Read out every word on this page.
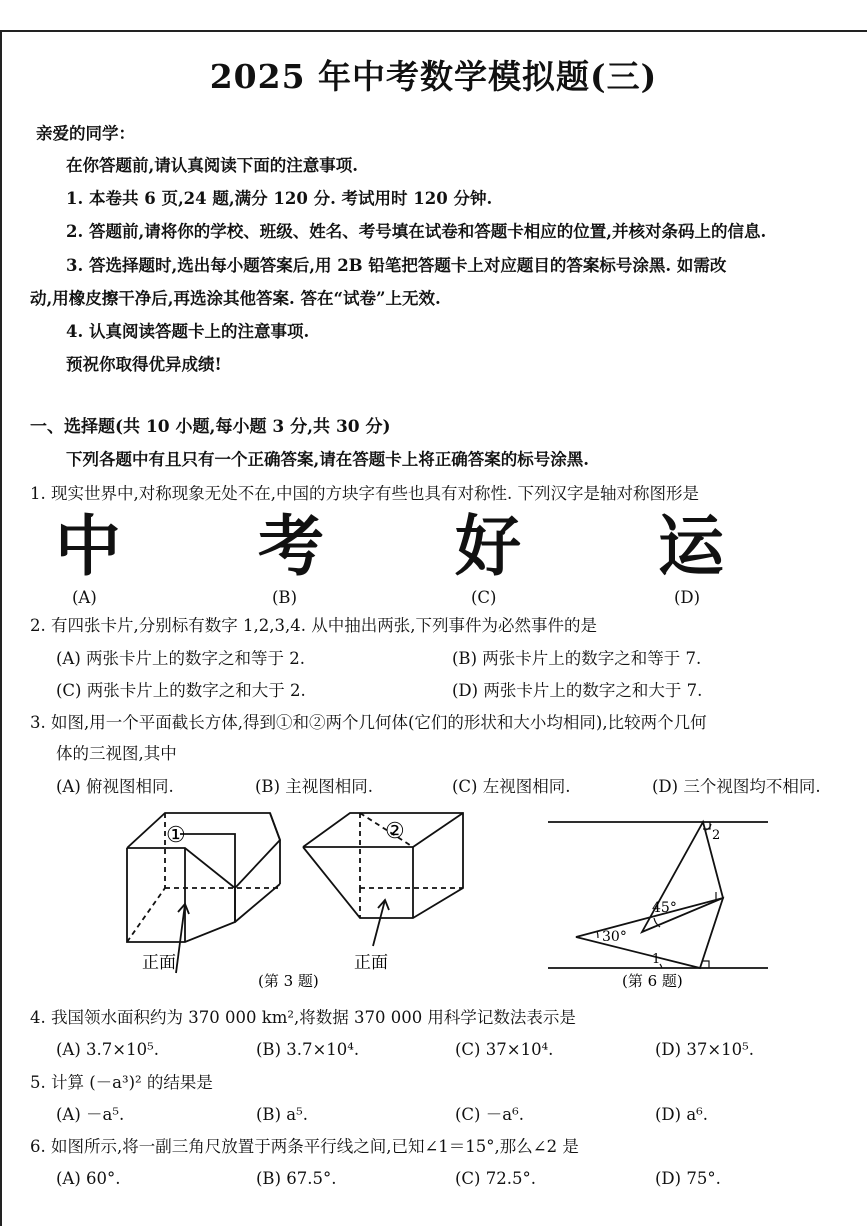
2025 年中考数学模拟题(三)
亲爱的同学：
在你答题前,请认真阅读下面的注意事项.
1. 本卷共 6 页,24 题,满分 120 分. 考试用时 120 分钟.
2. 答题前,请将你的学校、班级、姓名、考号填在试卷和答题卡相应的位置,并核对条码上的信息.
3. 答选择题时,选出每小题答案后,用 2B 铅笔把答题卡上对应题目的答案标号涂黑. 如需改
动,用橡皮擦干净后,再选涂其他答案. 答在“试卷”上无效.
4. 认真阅读答题卡上的注意事项.
预祝你取得优异成绩!
一、选择题(共 10 小题,每小题 3 分,共 30 分)
下列各题中有且只有一个正确答案,请在答题卡上将正确答案的标号涂黑.
1. 现实世界中,对称现象无处不在,中国的方块字有些也具有对称性. 下列汉字是轴对称图形是
中 考 好 运
(A)	(B)	(C)	(D)
2. 有四张卡片,分别标有数字 1,2,3,4. 从中抽出两张,下列事件为必然事件的是
(A) 两张卡片上的数字之和等于 2.	(B) 两张卡片上的数字之和等于 7.
(C) 两张卡片上的数字之和大于 2.	(D) 两张卡片上的数字之和大于 7.
3. 如图,用一个平面截长方体,得到①和②两个几何体(它们的形状和大小均相同),比较两个几何
体的三视图,其中
(A) 俯视图相同.	(B) 主视图相同.	(C) 左视图相同.	(D) 三个视图均不相同.
①
正面
②
正面
(第 3 题)
2
45°
30°
1
(第 6 题)
4. 我国领水面积约为 370 000 km²,将数据 370 000 用科学记数法表示是
(A) 3.7×10⁵.	(B) 3.7×10⁴.	(C) 37×10⁴.	(D) 37×10⁵.
5. 计算 (－a³)² 的结果是
(A) －a⁵.	(B) a⁵.	(C) －a⁶.	(D) a⁶.
6. 如图所示,将一副三角尺放置于两条平行线之间,已知∠1＝15°,那么∠2 是
(A) 60°.	(B) 67.5°.	(C) 72.5°.	(D) 75°.
